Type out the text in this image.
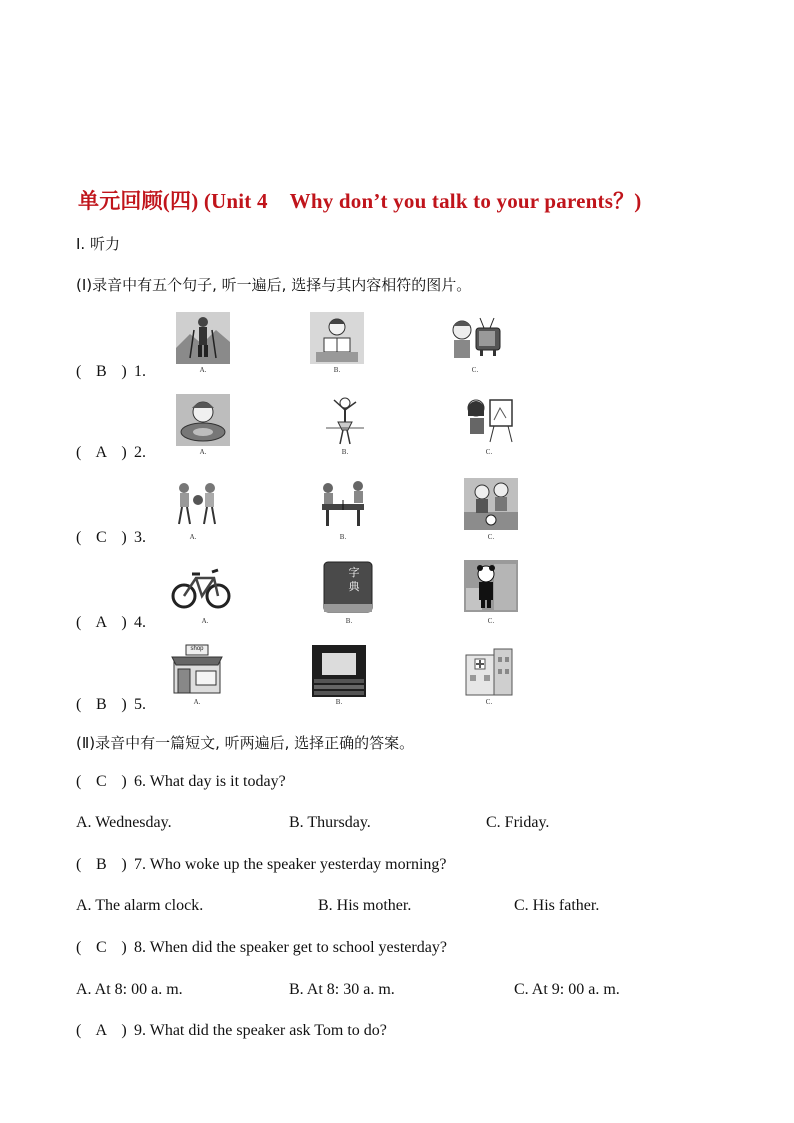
单元回顾(四) (Unit 4 Why don’t you talk to your parents？)
Ⅰ. 听力
(Ⅰ)录音中有五个句子, 听一遍后, 选择与其内容相符的图片。
( B ) 1.	A.	B.	C.
( A ) 2.	A.	B.	C.
( C ) 3.	A.	B.	C.
( A ) 4.	A.
字典
B.	C.
( B ) 5.
shop
A.	B.	C.
(Ⅱ)录音中有一篇短文, 听两遍后, 选择正确的答案。
( C ) 6. What day is it today?
A. Wednesday.	B. Thursday.	C. Friday.
( B ) 7. Who woke up the speaker yesterday morning?
A. The alarm clock.	B. His mother.	C. His father.
( C ) 8. When did the speaker get to school yesterday?
A. At 8: 00 a. m.	B. At 8: 30 a. m.	C. At 9: 00 a. m.
( A ) 9. What did the speaker ask Tom to do?
